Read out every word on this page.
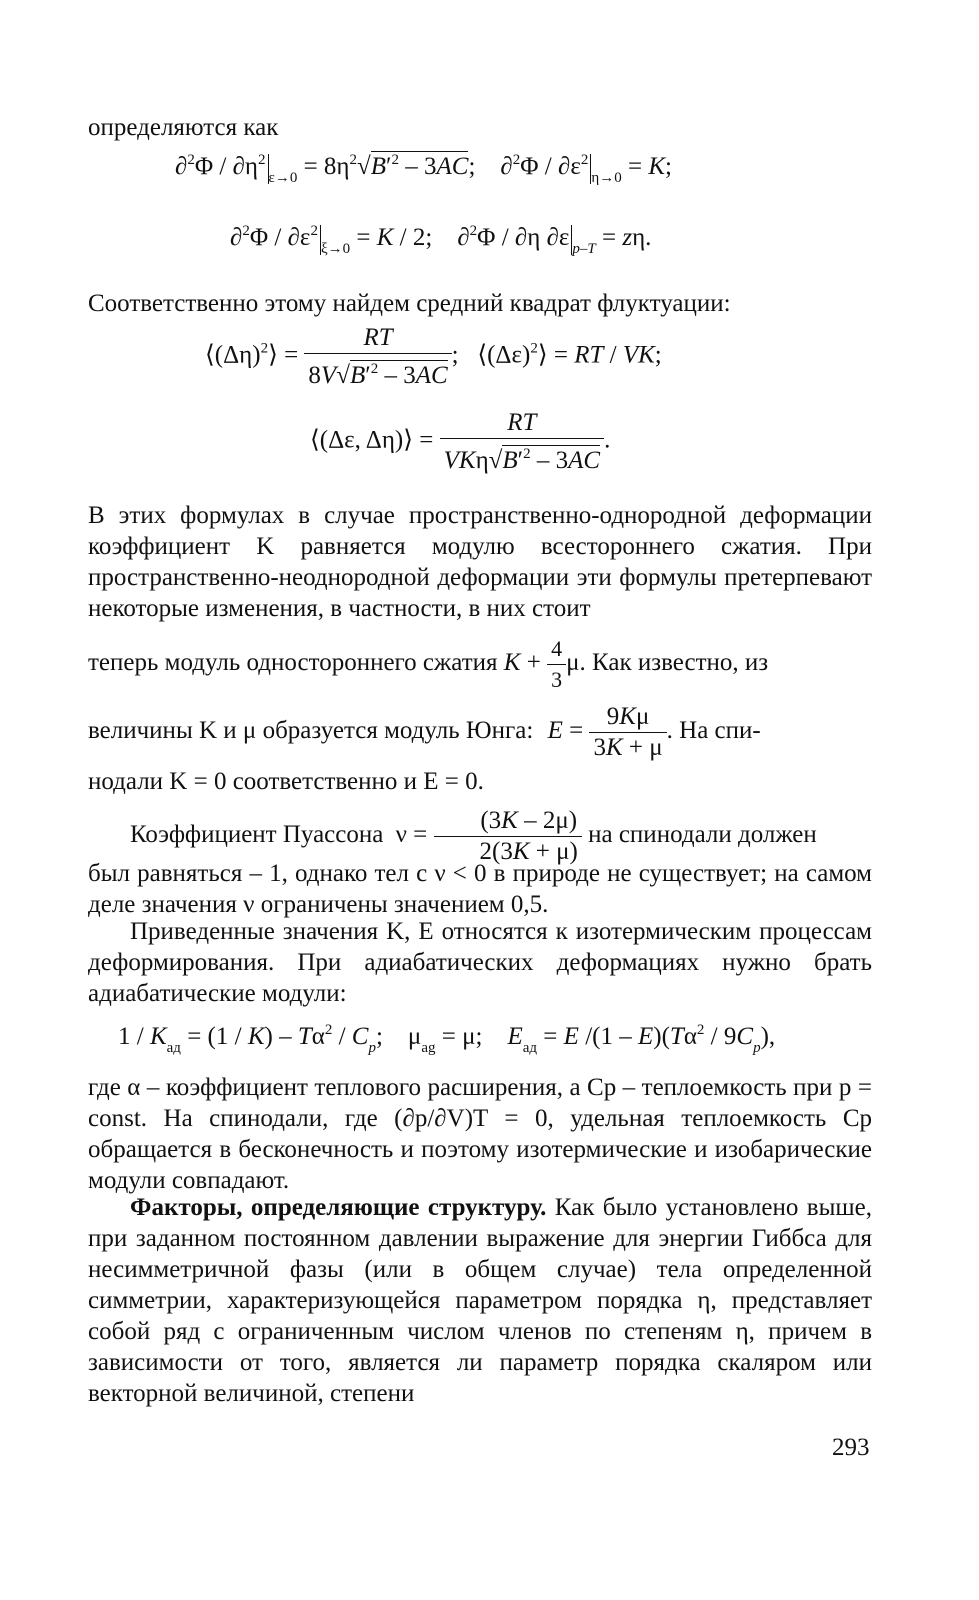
определяются как
$\partial^2\Phi / \partial\eta^2_{\varepsilon\to 0} = 8\eta^2√B'^2 - 3AC$;    $\partial^2\Phi / \partial\varepsilon^2_{\eta\to 0} = K$;
$\partial^2\Phi / \partial\varepsilon^2_{\xi\to 0} = K / 2$;    ∂$^2$Φ / ∂η ∂ε $_{p-T}$ = zη.
Соответственно этому найдем средний квадрат флуктуации:
$⟨(\Delta\eta)^2⟩ = \frac{RT}{8V√B'^2 - 3AC}$ ;   $⟨(\Delta\varepsilon)^2⟩$ = RT / VK;
⟨(Δε, Δη)⟩ = $\frac{RT}{VK\eta√B'^2 - 3AC}$ .
В этих формулах в случае пространственно-однородной деформации коэффициент K равняется модулю всестороннего сжатия. При пространственно-неоднородной деформации эти формулы претерпевают некоторые изменения, в частности, в них стоит
теперь модуль одностороннего сжатия $K + \frac{4}{3} \mu$. Как известно, из
величины K и μ образуется модуль Юнга: $E = \frac{9K\mu}{3K + \mu}$ . На спи-
нодали K = 0 соответственно и E = 0.
Коэффициент Пуассона $\nu = \frac{(3K - 2\mu)}{2(3K + \mu)}$ на спинодали должен
был равняться – 1, однако тел с ν < 0 в природе не существует; на самом деле значения ν ограничены значением 0,5.
Приведенные значения K, E относятся к изотермическим процессам деформирования. При адиабатических деформациях нужно брать адиабатические модули:
$1 / K_{ад} = (1 / K) - T\alpha^2 / C_p$;    $\mu_{ag} = \mu$;    $E_{ад} = E$ $/(1 - E)(T\alpha^2 / 9C_p)$,
где α – коэффициент теплового расширения, а Cp – теплоемкость при p = const. На спинодали, где (∂p/∂V)T = 0, удельная теплоемкость Cp обращается в бесконечность и поэтому изотермические и изобарические модули совпадают.
Факторы, определяющие структуру. Как было установлено выше, при заданном постоянном давлении выражение для энергии Гиббса для несимметричной фазы (или в общем случае) тела определенной симметрии, характеризующейся параметром порядка η, представляет собой ряд с ограниченным числом членов по степеням η, причем в зависимости от того, является ли параметр порядка скаляром или векторной величиной, степени
293
